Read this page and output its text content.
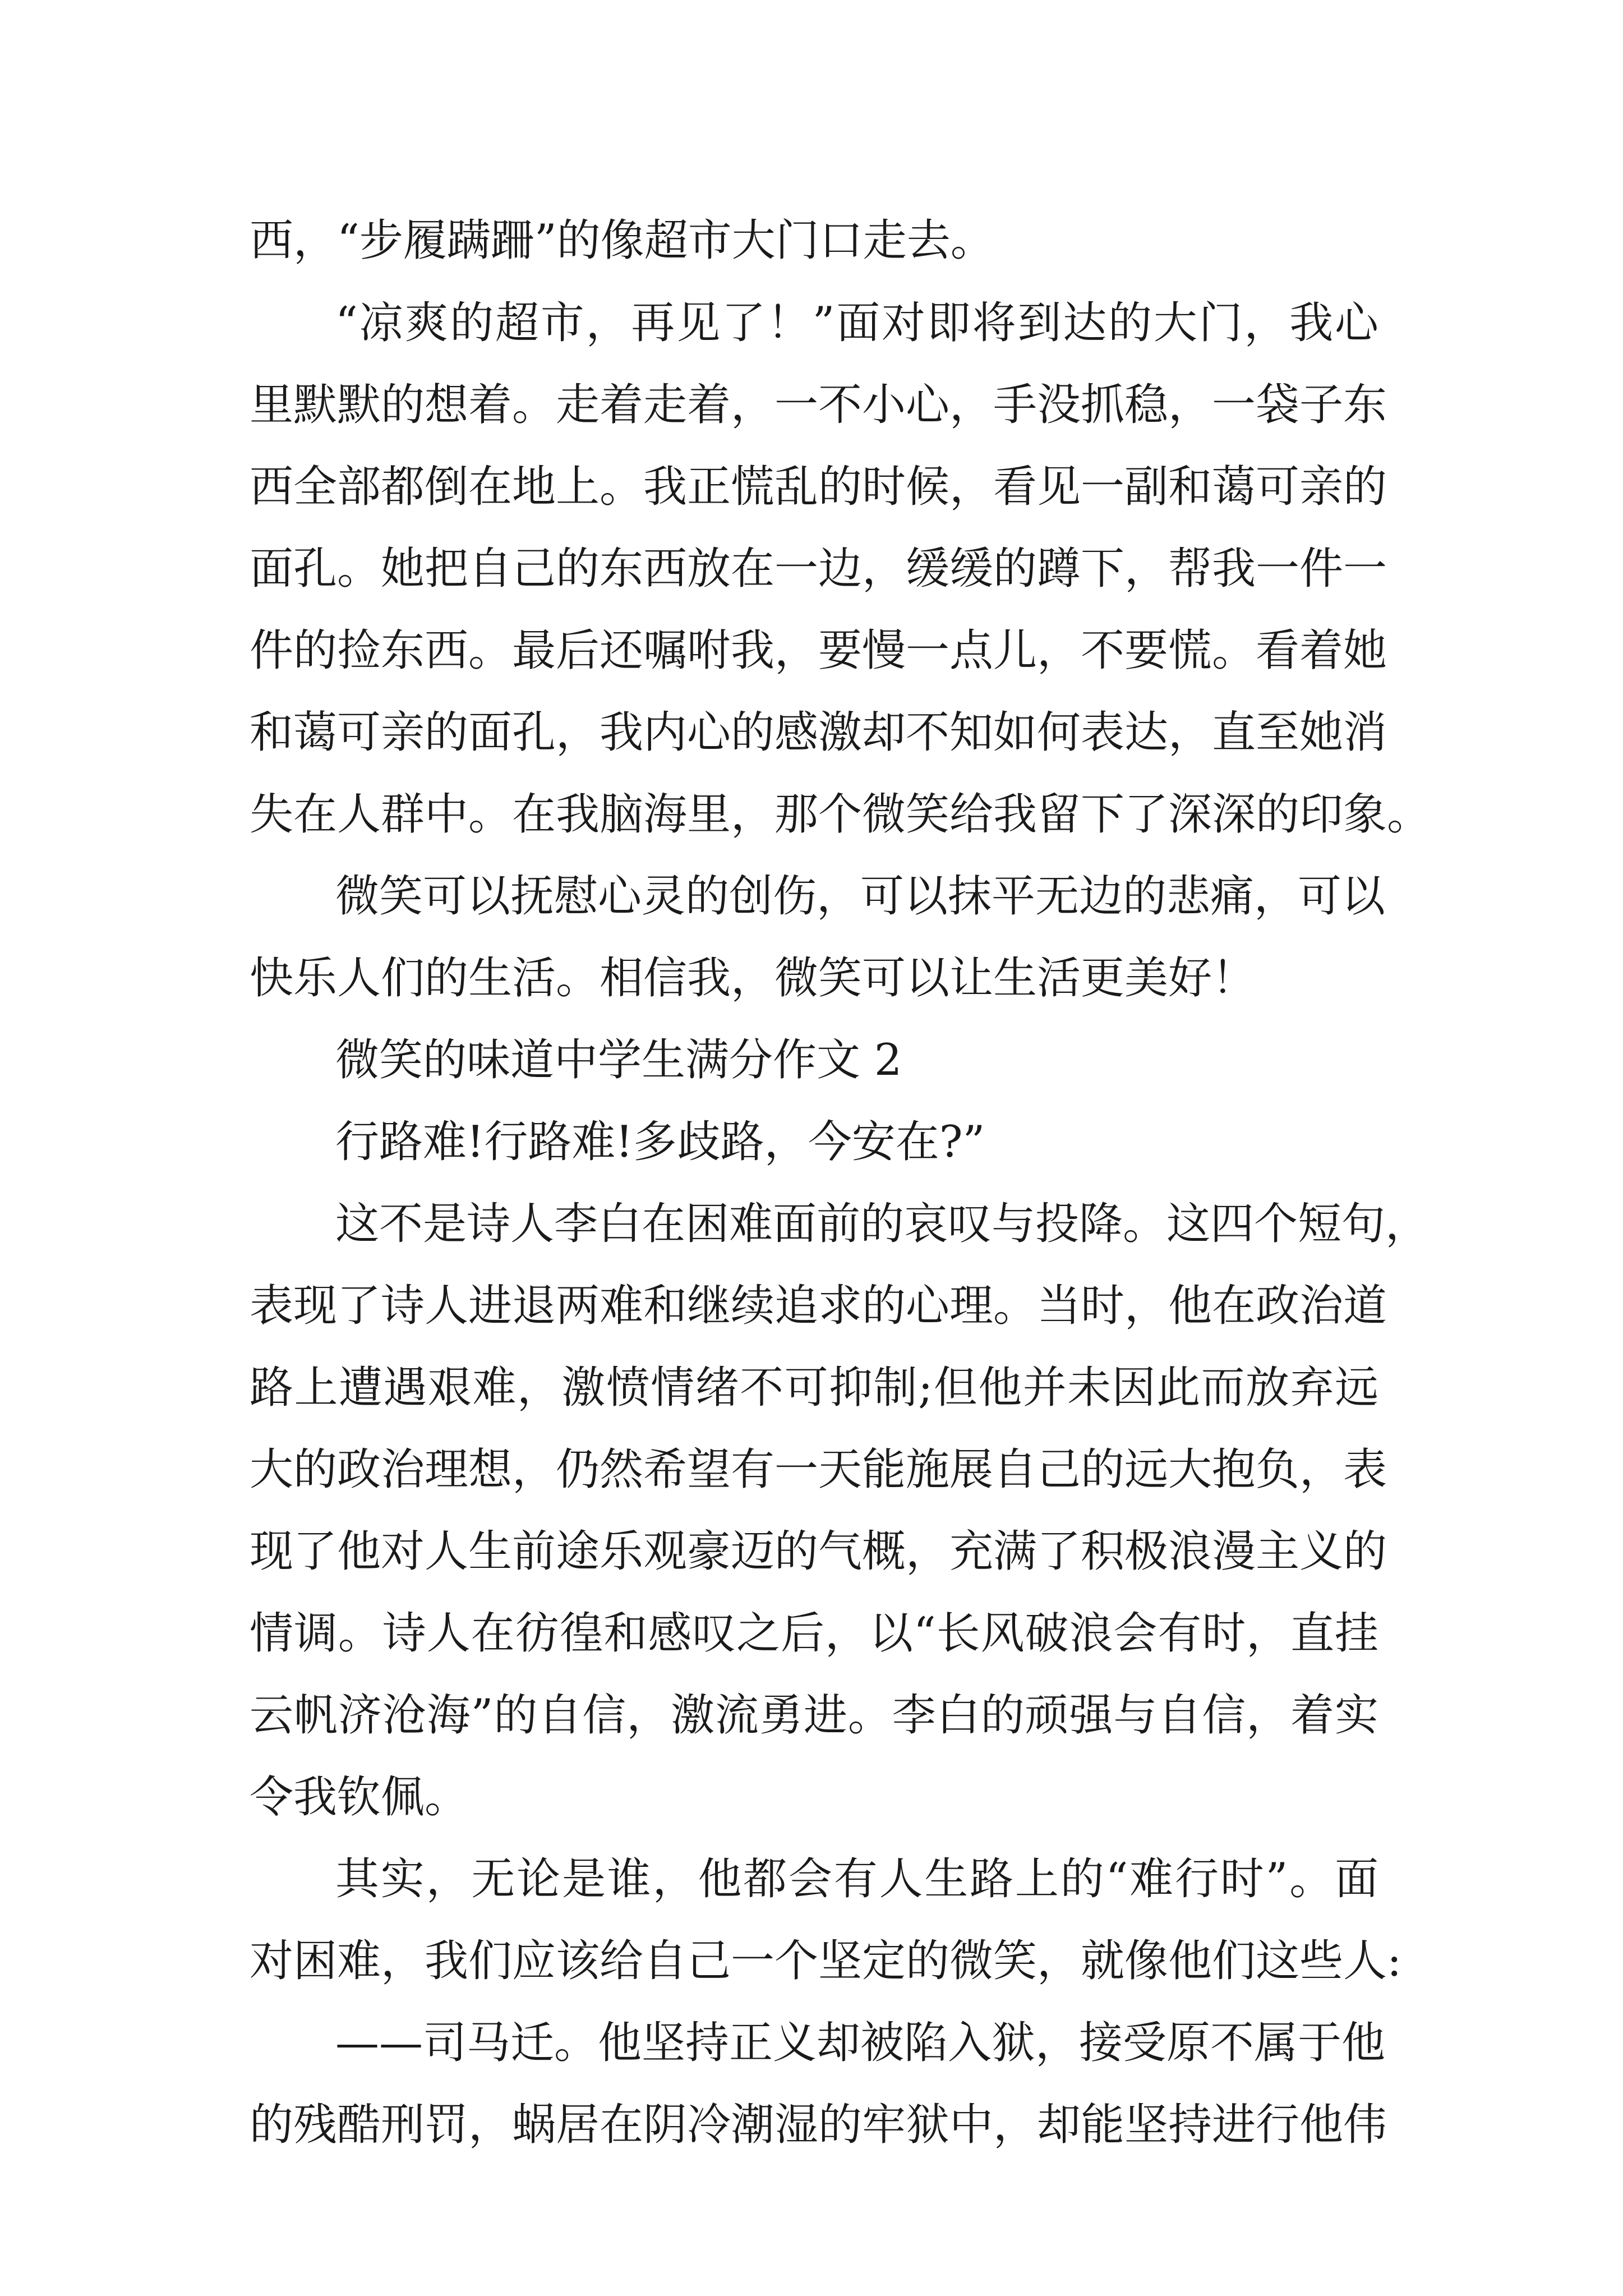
西，“步履蹒跚”的像超市大门口走去。
“凉爽的超市，再见了！”面对即将到达的大门，我心
里默默的想着。走着走着，一不小心，手没抓稳，一袋子东
西全部都倒在地上。我正慌乱的时候，看见一副和蔼可亲的
面孔。她把自己的东西放在一边，缓缓的蹲下，帮我一件一
件的捡东西。最后还嘱咐我，要慢一点儿，不要慌。看着她
和蔼可亲的面孔，我内心的感激却不知如何表达，直至她消
失在人群中。在我脑海里，那个微笑给我留下了深深的印象。
微笑可以抚慰心灵的创伤，可以抹平无边的悲痛，可以
快乐人们的生活。相信我，微笑可以让生活更美好！
微笑的味道中学生满分作文 2
行路难!行路难!多歧路，今安在?”
这不是诗人李白在困难面前的哀叹与投降。这四个短句，
表现了诗人进退两难和继续追求的心理。当时，他在政治道
路上遭遇艰难，激愤情绪不可抑制;但他并未因此而放弃远
大的政治理想，仍然希望有一天能施展自己的远大抱负，表
现了他对人生前途乐观豪迈的气概，充满了积极浪漫主义的
情调。诗人在彷徨和感叹之后，以“长风破浪会有时，直挂
云帆济沧海”的自信，激流勇进。李白的顽强与自信，着实
令我钦佩。
其实，无论是谁，他都会有人生路上的“难行时”。面
对困难，我们应该给自己一个坚定的微笑，就像他们这些人:
——司马迁。他坚持正义却被陷入狱，接受原不属于他
的残酷刑罚，蜗居在阴冷潮湿的牢狱中，却能坚持进行他伟
